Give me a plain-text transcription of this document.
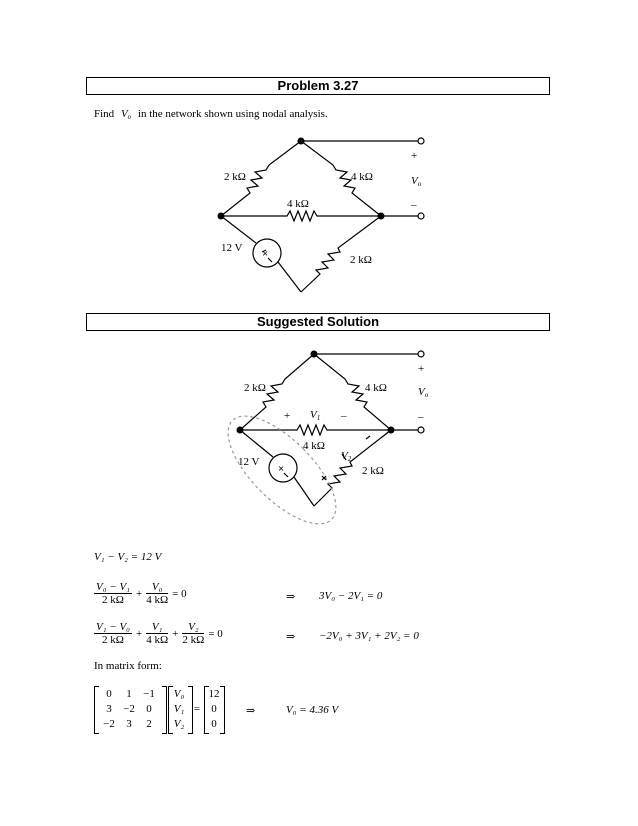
Problem 3.27
Find $V_o$ in the network shown using nodal analysis.
×
2 kΩ	4 kΩ
4 kΩ
2 kΩ
12 V
+
$V_o$
–
Suggested Solution
×
2 kΩ	4 kΩ
+ $V_1$ –
4 kΩ
$V_2$
2 kΩ
12 V
+
$V_o$
–
V₁ − V₂ = 12 V
$\frac{\text{V₀ − V₁}}{2 k\Omega} + \frac{\text{V₀}}{4 k\Omega} = 0$	⇒ 3V₀ − 2V₁ = 0
$\frac{\text{V₁ − V₀}}{2 k\Omega} + \frac{\text{V₁}}{4 k\Omega} + \frac{\text{V₂}}{2 k\Omega} = 0$	⇒ −2V₀ + 3V₁ + 2V₂ = 0
In matrix form:
0	1	−1
3	−2	0
−2	3	2
V₀
V₁
V₂
=
12
0
0
⇒	V₀ = 4.36 V
